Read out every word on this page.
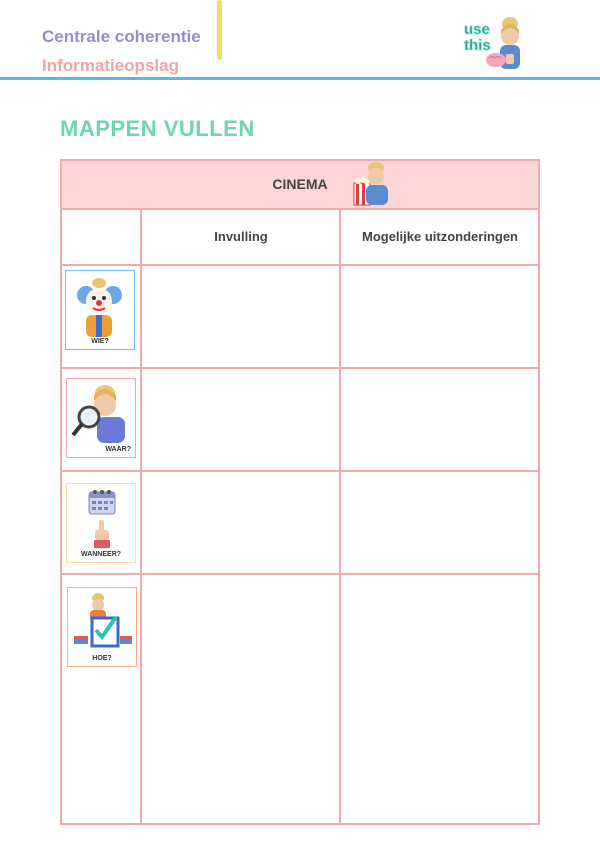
Centrale coherentie
Informatieopslag
use
this
MAPPEN VULLEN
CINEMA
Invulling	Mogelijke uitzonderingen
WIE?
WAAR?
WANNEER?
HOE?
